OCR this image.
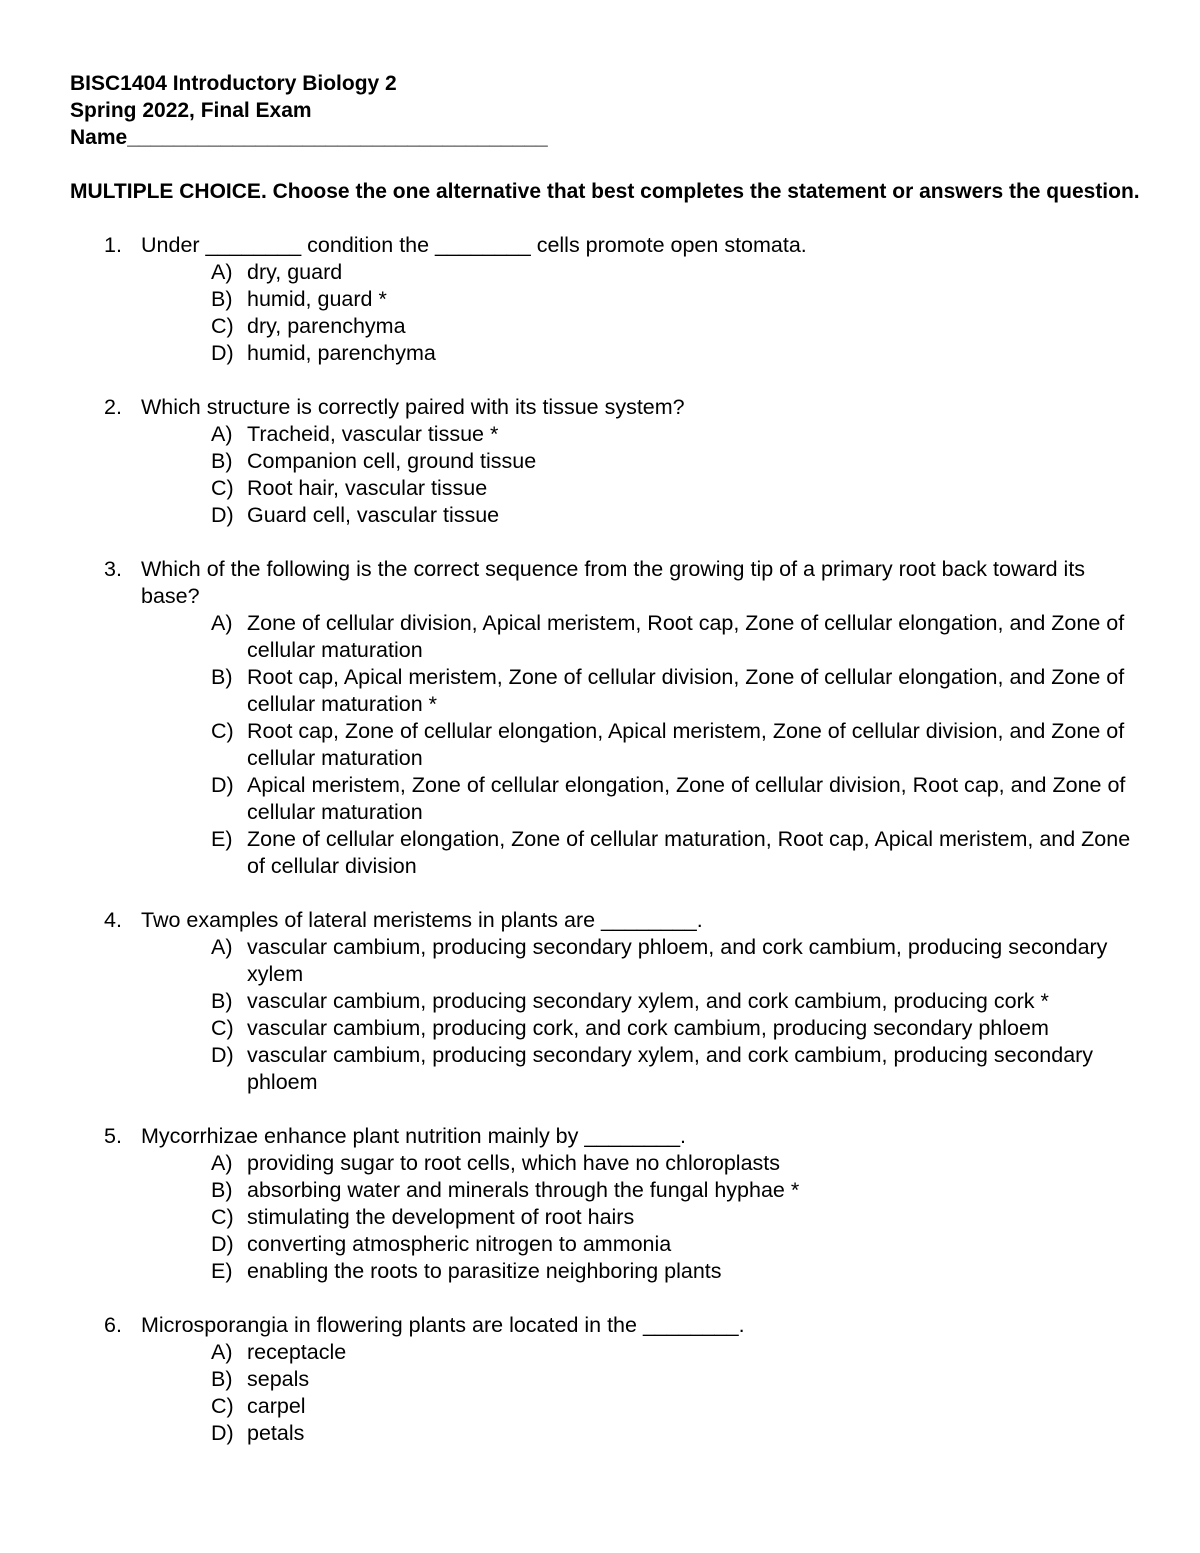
BISC1404 Introductory Biology 2
Spring 2022, Final Exam
Name____________________________________
MULTIPLE CHOICE. Choose the one alternative that best completes the statement or answers the question.
1. Under ________ condition the ________ cells promote open stomata.
A) dry, guard
B) humid, guard *
C) dry, parenchyma
D) humid, parenchyma
2. Which structure is correctly paired with its tissue system?
A) Tracheid, vascular tissue *
B) Companion cell, ground tissue
C) Root hair, vascular tissue
D) Guard cell, vascular tissue
3. Which of the following is the correct sequence from the growing tip of a primary root back toward its base?
A) Zone of cellular division, Apical meristem, Root cap, Zone of cellular elongation, and Zone of cellular maturation
B) Root cap, Apical meristem, Zone of cellular division, Zone of cellular elongation, and Zone of cellular maturation *
C) Root cap, Zone of cellular elongation, Apical meristem, Zone of cellular division, and Zone of cellular maturation
D) Apical meristem, Zone of cellular elongation, Zone of cellular division, Root cap, and Zone of cellular maturation
E) Zone of cellular elongation, Zone of cellular maturation, Root cap, Apical meristem, and Zone of cellular division
4. Two examples of lateral meristems in plants are ________.
A) vascular cambium, producing secondary phloem, and cork cambium, producing secondary xylem
B) vascular cambium, producing secondary xylem, and cork cambium, producing cork *
C) vascular cambium, producing cork, and cork cambium, producing secondary phloem
D) vascular cambium, producing secondary xylem, and cork cambium, producing secondary phloem
5. Mycorrhizae enhance plant nutrition mainly by ________.
A) providing sugar to root cells, which have no chloroplasts
B) absorbing water and minerals through the fungal hyphae *
C) stimulating the development of root hairs
D) converting atmospheric nitrogen to ammonia
E) enabling the roots to parasitize neighboring plants
6. Microsporangia in flowering plants are located in the ________.
A) receptacle
B) sepals
C) carpel
D) petals
